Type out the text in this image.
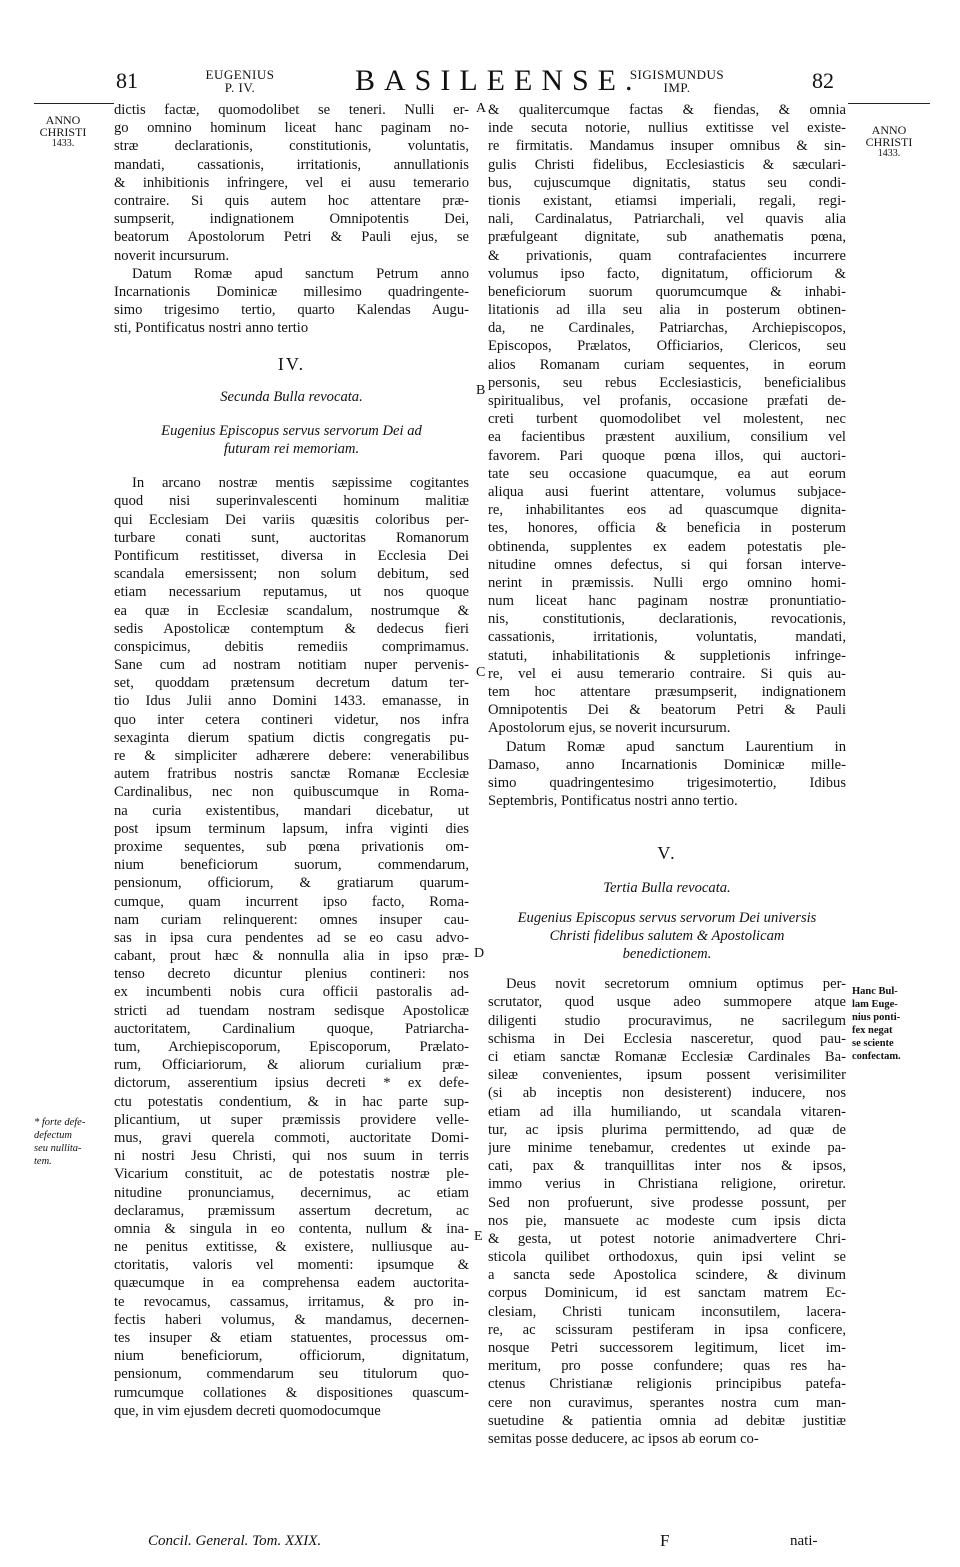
81	EUGENIUS
P. IV.	BASILEENSE.
SIGISMUNDUS
IMP.	82
ANNO
CHRISTI
1433.
ANNO
CHRISTI
1433.
Hanc Bul-
lam Euge-
nius ponti-
fex negat
se sciente
confectam.
* forte defe-
defectum
seu nullita-
tem.
A
B
C
D
E
dictis factæ, quomodolibet se teneri. Nulli er-
go omnino hominum liceat hanc paginam no-
stræ declarationis, constitutionis, voluntatis,
mandati, cassationis, irritationis, annullationis
& inhibitionis infringere, vel ei ausu temerario
contraire. Si quis autem hoc attentare præ-
sumpserit, indignationem Omnipotentis Dei,
beatorum Apostolorum Petri & Pauli ejus, se
noverit incursurum.
Datum Romæ apud sanctum Petrum anno
Incarnationis Dominicæ millesimo quadringente-
simo trigesimo tertio, quarto Kalendas Augu-
sti, Pontificatus nostri anno tertio
IV.
Secunda Bulla revocata.
Eugenius Episcopus servus servorum Dei ad
futuram rei memoriam.
In arcano nostræ mentis sæpissime cogitantes
quod nisi superinvalescenti hominum malitiæ
qui Ecclesiam Dei variis quæsitis coloribus per-
turbare conati sunt, auctoritas Romanorum
Pontificum restitisset, diversa in Ecclesia Dei
scandala emersissent; non solum debitum, sed
etiam necessarium reputamus, ut nos quoque
ea quæ in Ecclesiæ scandalum, nostrumque &
sedis Apostolicæ contemptum & dedecus fieri
conspicimus, debitis remediis comprimamus.
Sane cum ad nostram notitiam nuper pervenis-
set, quoddam prætensum decretum datum ter-
tio Idus Julii anno Domini 1433. emanasse, in
quo inter cetera contineri videtur, nos infra
sexaginta dierum spatium dictis congregatis pu-
re & simpliciter adhærere debere: venerabilibus
autem fratribus nostris sanctæ Romanæ Ecclesiæ
Cardinalibus, nec non quibuscumque in Roma-
na curia existentibus, mandari dicebatur, ut
post ipsum terminum lapsum, infra viginti dies
proxime sequentes, sub pœna privationis om-
nium beneficiorum suorum, commendarum,
pensionum, officiorum, & gratiarum quarum-
cumque, quam incurrent ipso facto, Roma-
nam curiam relinquerent: omnes insuper cau-
sas in ipsa cura pendentes ad se eo casu advo-
cabant, prout hæc & nonnulla alia in ipso præ-
tenso decreto dicuntur plenius contineri: nos
ex incumbenti nobis cura officii pastoralis ad-
stricti ad tuendam nostram sedisque Apostolicæ
auctoritatem, Cardinalium quoque, Patriarcha-
tum, Archiepiscoporum, Episcoporum, Prælato-
rum, Officiariorum, & aliorum curialium præ-
dictorum, asserentium ipsius decreti * ex defe-
ctu potestatis condentium, & in hac parte sup-
plicantium, ut super præmissis providere velle-
mus, gravi querela commoti, auctoritate Domi-
ni nostri Jesu Christi, qui nos suum in terris
Vicarium constituit, ac de potestatis nostræ ple-
nitudine pronunciamus, decernimus, ac etiam
declaramus, præmissum assertum decretum, ac
omnia & singula in eo contenta, nullum & ina-
ne penitus extitisse, & existere, nulliusque au-
ctoritatis, valoris vel momenti: ipsumque &
quæcumque in ea comprehensa eadem auctorita-
te revocamus, cassamus, irritamus, & pro in-
fectis haberi volumus, & mandamus, decernen-
tes insuper & etiam statuentes, processus om-
nium beneficiorum, officiorum, dignitatum,
pensionum, commendarum seu titulorum quo-
rumcumque collationes & dispositiones quascum-
que, in vim ejusdem decreti quomodocumque
& qualitercumque factas & fiendas, & omnia
inde secuta notorie, nullius extitisse vel existe-
re firmitatis. Mandamus insuper omnibus & sin-
gulis Christi fidelibus, Ecclesiasticis & sæculari-
bus, cujuscumque dignitatis, status seu condi-
tionis existant, etiamsi imperiali, regali, regi-
nali, Cardinalatus, Patriarchali, vel quavis alia
præfulgeant dignitate, sub anathematis pœna,
& privationis, quam contrafacientes incurrere
volumus ipso facto, dignitatum, officiorum &
beneficiorum suorum quorumcumque & inhabi-
litationis ad illa seu alia in posterum obtinen-
da, ne Cardinales, Patriarchas, Archiepiscopos,
Episcopos, Prælatos, Officiarios, Clericos, seu
alios Romanam curiam sequentes, in eorum
personis, seu rebus Ecclesiasticis, beneficialibus
spiritualibus, vel profanis, occasione præfati de-
creti turbent quomodolibet vel molestent, nec
ea facientibus præstent auxilium, consilium vel
favorem. Pari quoque pœna illos, qui auctori-
tate seu occasione quacumque, ea aut eorum
aliqua ausi fuerint attentare, volumus subjace-
re, inhabilitantes eos ad quascumque dignita-
tes, honores, officia & beneficia in posterum
obtinenda, supplentes ex eadem potestatis ple-
nitudine omnes defectus, si qui forsan interve-
nerint in præmissis. Nulli ergo omnino homi-
num liceat hanc paginam nostræ pronuntiatio-
nis, constitutionis, declarationis, revocationis,
cassationis, irritationis, voluntatis, mandati,
statuti, inhabilitationis & suppletionis infringe-
re, vel ei ausu temerario contraire. Si quis au-
tem hoc attentare præsumpserit, indignationem
Omnipotentis Dei & beatorum Petri & Pauli
Apostolorum ejus, se noverit incursurum.
Datum Romæ apud sanctum Laurentium in
Damaso, anno Incarnationis Dominicæ mille-
simo quadringentesimo trigesimotertio, Idibus
Septembris, Pontificatus nostri anno tertio.
V.
Tertia Bulla revocata.
Eugenius Episcopus servus servorum Dei universis
Christi fidelibus salutem & Apostolicam
benedictionem.
Deus novit secretorum omnium optimus per-
scrutator, quod usque adeo summopere atque
diligenti studio procuravimus, ne sacrilegum
schisma in Dei Ecclesia nasceretur, quod pau-
ci etiam sanctæ Romanæ Ecclesiæ Cardinales Ba-
sileæ convenientes, ipsum possent verisimiliter
(si ab inceptis non desisterent) inducere, nos
etiam ad illa humiliando, ut scandala vitaren-
tur, ac ipsis plurima permittendo, ad quæ de
jure minime tenebamur, credentes ut exinde pa-
cati, pax & tranquillitas inter nos & ipsos,
immo verius in Christiana religione, oriretur.
Sed non profuerunt, sive prodesse possunt, per
nos pie, mansuete ac modeste cum ipsis dicta
& gesta, ut potest notorie animadvertere Chri-
sticola quilibet orthodoxus, quin ipsi velint se
a sancta sede Apostolica scindere, & divinum
corpus Dominicum, id est sanctam matrem Ec-
clesiam, Christi tunicam inconsutilem, lacera-
re, ac scissuram pestiferam in ipsa conficere,
nosque Petri successorem legitimum, licet im-
meritum, pro posse confundere; quas res ha-
ctenus Christianæ religionis principibus patefa-
cere non curavimus, sperantes nostra cum man-
suetudine & patientia omnia ad debitæ justitiæ
semitas posse deducere, ac ipsos ab eorum co-
Concil. General. Tom. XXIX.	F	nati-
